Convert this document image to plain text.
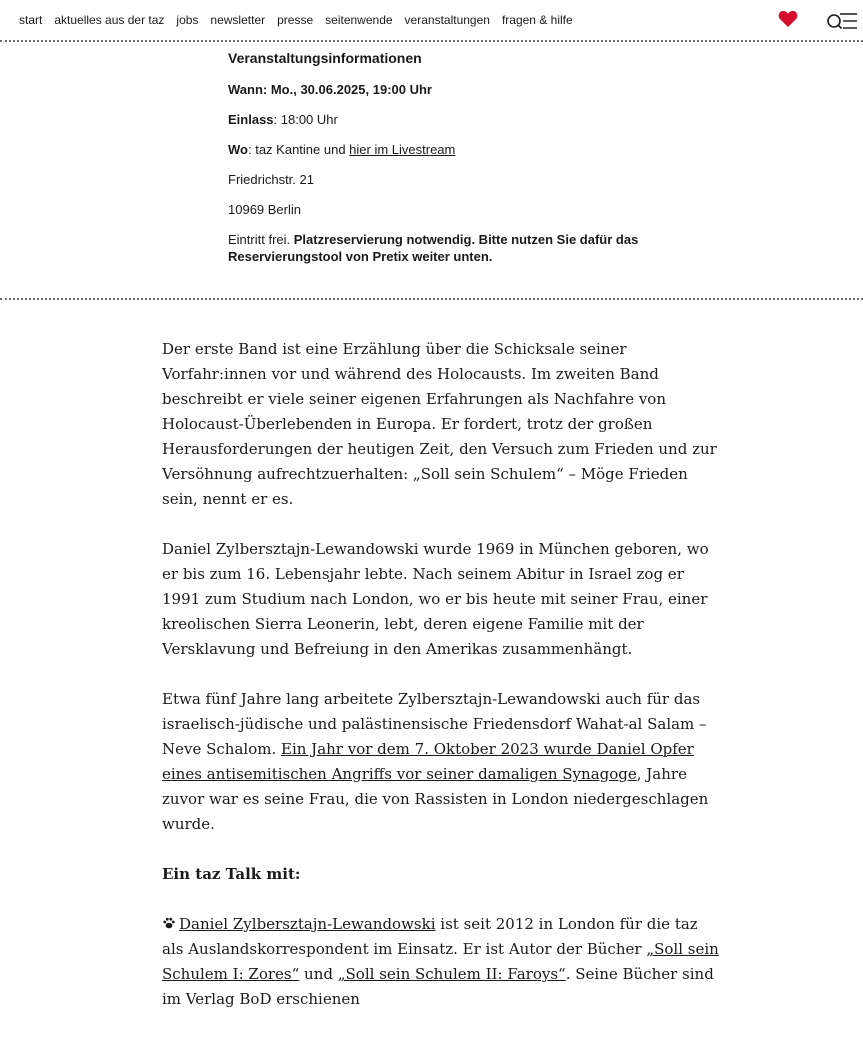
start aktuelles aus der taz jobs newsletter presse seitenwende veranstaltungen fragen & hilfe
Veranstaltungsinformationen
Wann: Mo., 30.06.2025, 19:00 Uhr
Einlass: 18:00 Uhr
Wo: taz Kantine und hier im Livestream
Friedrichstr. 21
10969 Berlin
Eintritt frei. Platzreservierung notwendig. Bitte nutzen Sie dafür das Reservierungstool von Pretix weiter unten.

Der erste Band ist eine Erzählung über die Schicksale seiner Vorfahr:innen vor und während des Holocausts. Im zweiten Band beschreibt er viele seiner eigenen Erfahrungen als Nachfahre von Holocaust-Überlebenden in Europa. Er fordert, trotz der großen Herausforderungen der heutigen Zeit, den Versuch zum Frieden und zur Versöhnung aufrechtzuerhalten: „Soll sein Schulem“ – Möge Frieden sein, nennt er es.

Daniel Zylbersztajn-Lewandowski wurde 1969 in München geboren, wo er bis zum 16. Lebensjahr lebte. Nach seinem Abitur in Israel zog er 1991 zum Studium nach London, wo er bis heute mit seiner Frau, einer kreolischen Sierra Leonerin, lebt, deren eigene Familie mit der Versklavung und Befreiung in den Amerikas zusammenhängt.

Etwa fünf Jahre lang arbeitete Zylbersztajn-Lewandowski auch für das israelisch-jüdische und palästinensische Friedensdorf Wahat-al Salam – Neve Schalom. Ein Jahr vor dem 7. Oktober 2023 wurde Daniel Opfer eines antisemitischen Angriffs vor seiner damaligen Synagoge, Jahre zuvor war es seine Frau, die von Rassisten in London niedergeschlagen wurde.

Ein taz Talk mit:

Daniel Zylbersztajn-Lewandowski ist seit 2012 in London für die taz als Auslandskorrespondent im Einsatz. Er ist Autor der Bücher „Soll sein Schulem I: Zores“ und „Soll sein Schulem II: Faroys“. Seine Bücher sind im Verlag BoD erschienen
